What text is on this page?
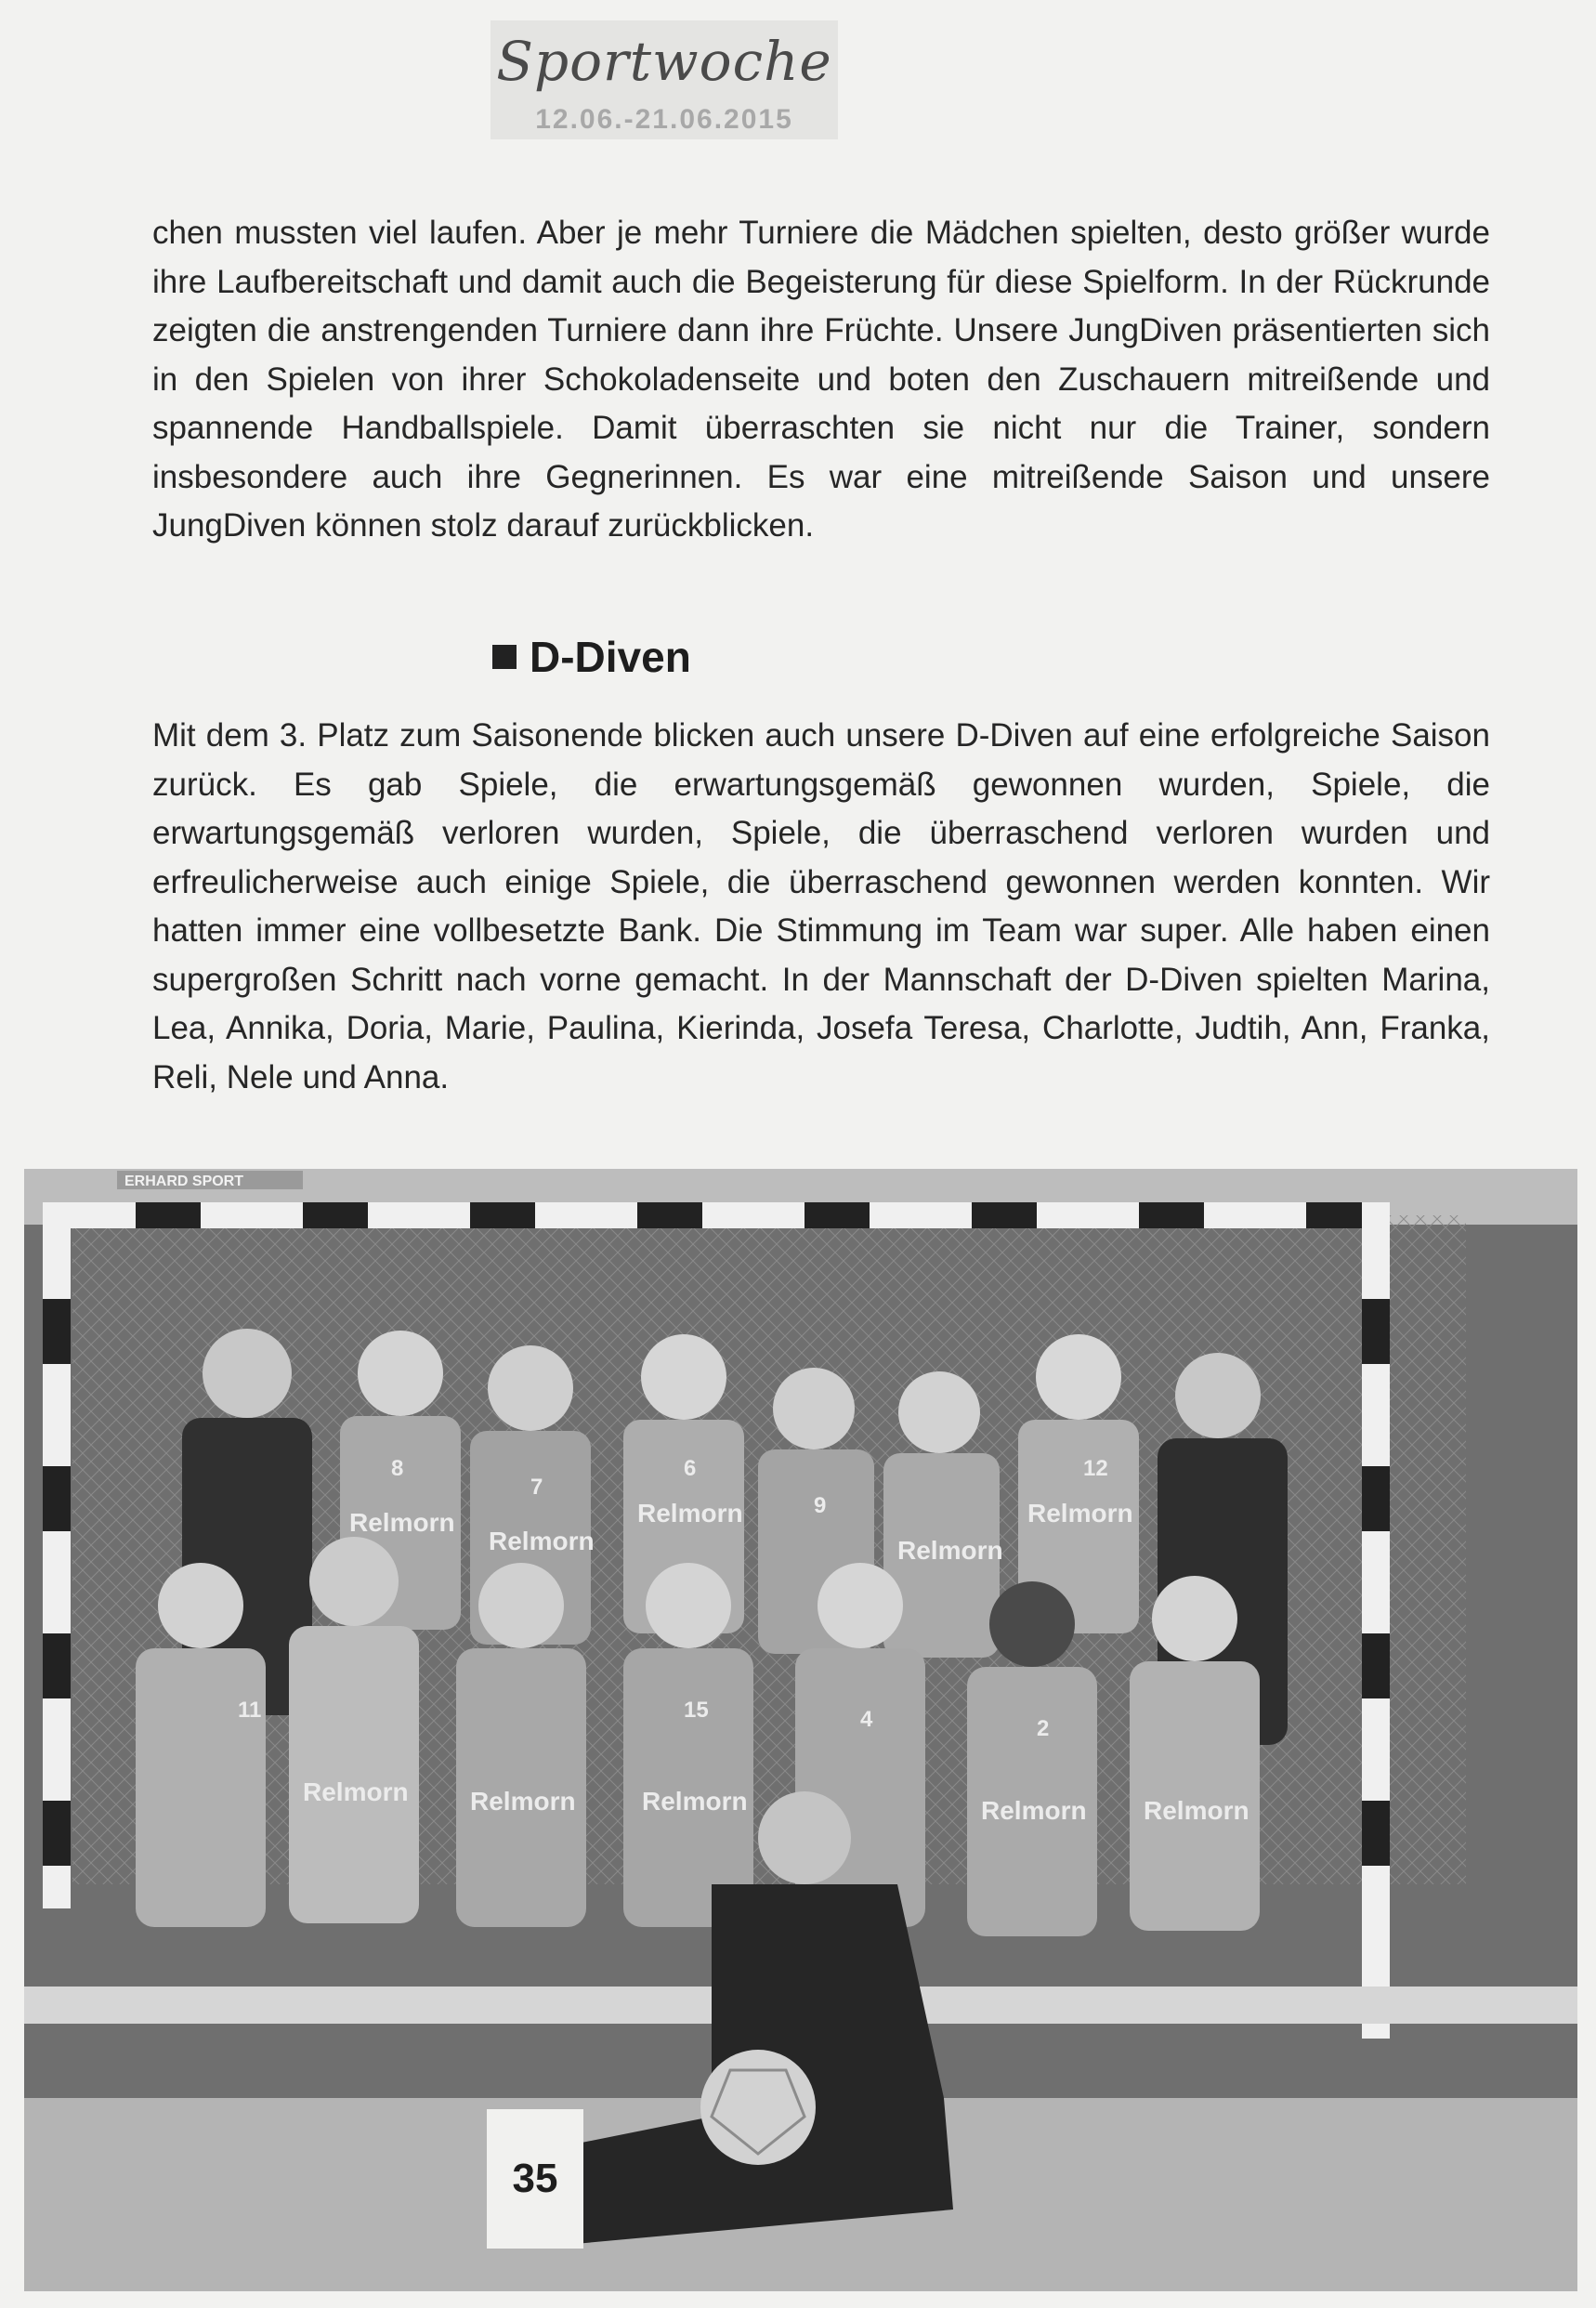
Sportwoche
12.06.-21.06.2015

chen mussten viel laufen. Aber je mehr Turniere die Mädchen spielten, desto größer wurde ihre Laufbereitschaft und damit auch die Begeisterung für diese Spielform. In der Rückrunde zeigten die anstrengenden Turniere dann ihre Früchte. Unsere JungDiven präsentierten sich in den Spielen von ihrer Schokoladenseite und boten den Zuschauern mitreißende und spannende Handballspiele. Damit überraschten sie nicht nur die Trainer, sondern insbesondere auch ihre Gegnerinnen. Es war eine mitreißende Saison und unsere JungDiven können stolz darauf zurückblicken.

D-Diven

Mit dem 3. Platz zum Saisonende blicken auch unsere D-Diven auf eine erfolgreiche Saison zurück. Es gab Spiele, die erwartungsgemäß gewonnen wurden, Spiele, die erwartungsgemäß verloren wurden, Spiele, die überraschend verloren wurden und erfreulicherweise auch einige Spiele, die überraschend gewonnen werden konnten. Wir hatten immer eine vollbesetzte Bank. Die Stimmung im Team war super. Alle haben einen supergroßen Schritt nach vorne gemacht. In der Mannschaft der D-Diven spielten Marina, Lea, Annika, Doria, Marie, Paulina, Kierinda, Josefa Teresa, Charlotte, Judtih, Ann, Franka, Reli, Nele und Anna.

ERHARD SPORT
Relmorn
Relmorn
Relmorn
Relmorn
Relmorn
Relmorn Relmorn	Relmorn	Relmorn Relmorn
8
7
6
9
12
15	4	2
11
35
